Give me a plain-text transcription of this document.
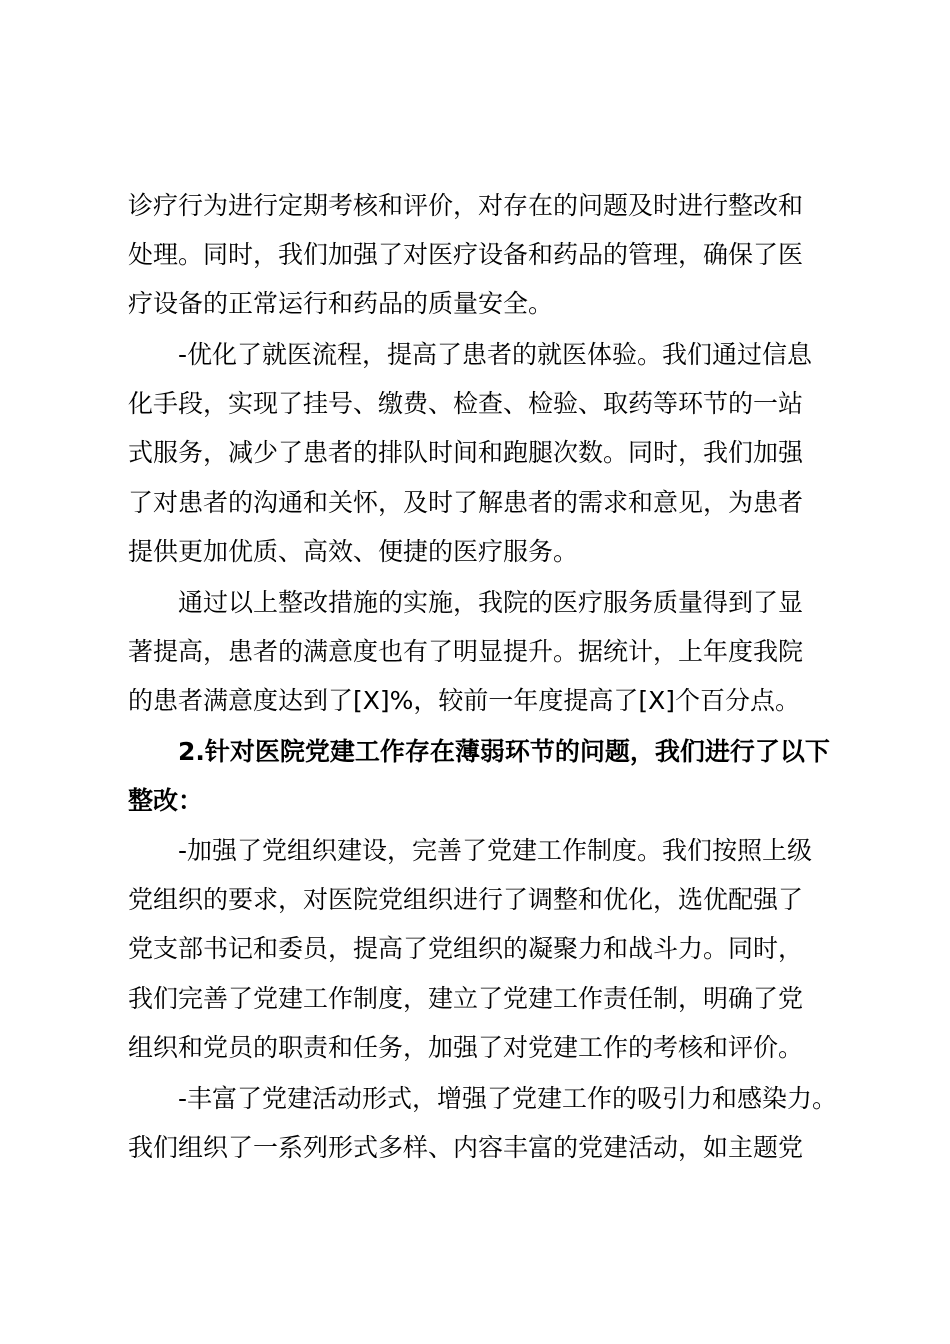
诊疗行为进行定期考核和评价，对存在的问题及时进行整改和
处理。同时，我们加强了对医疗设备和药品的管理，确保了医
疗设备的正常运行和药品的质量安全。
-优化了就医流程，提高了患者的就医体验。我们通过信息
化手段，实现了挂号、缴费、检查、检验、取药等环节的一站
式服务，减少了患者的排队时间和跑腿次数。同时，我们加强
了对患者的沟通和关怀，及时了解患者的需求和意见，为患者
提供更加优质、高效、便捷的医疗服务。
通过以上整改措施的实施，我院的医疗服务质量得到了显
著提高，患者的满意度也有了明显提升。据统计，上年度我院
的患者满意度达到了[X]%，较前一年度提高了[X]个百分点。
2.针对医院党建工作存在薄弱环节的问题，我们进行了以下
整改：
-加强了党组织建设，完善了党建工作制度。我们按照上级
党组织的要求，对医院党组织进行了调整和优化，选优配强了
党支部书记和委员，提高了党组织的凝聚力和战斗力。同时，
我们完善了党建工作制度，建立了党建工作责任制，明确了党
组织和党员的职责和任务，加强了对党建工作的考核和评价。
-丰富了党建活动形式，增强了党建工作的吸引力和感染力。
我们组织了一系列形式多样、内容丰富的党建活动，如主题党
